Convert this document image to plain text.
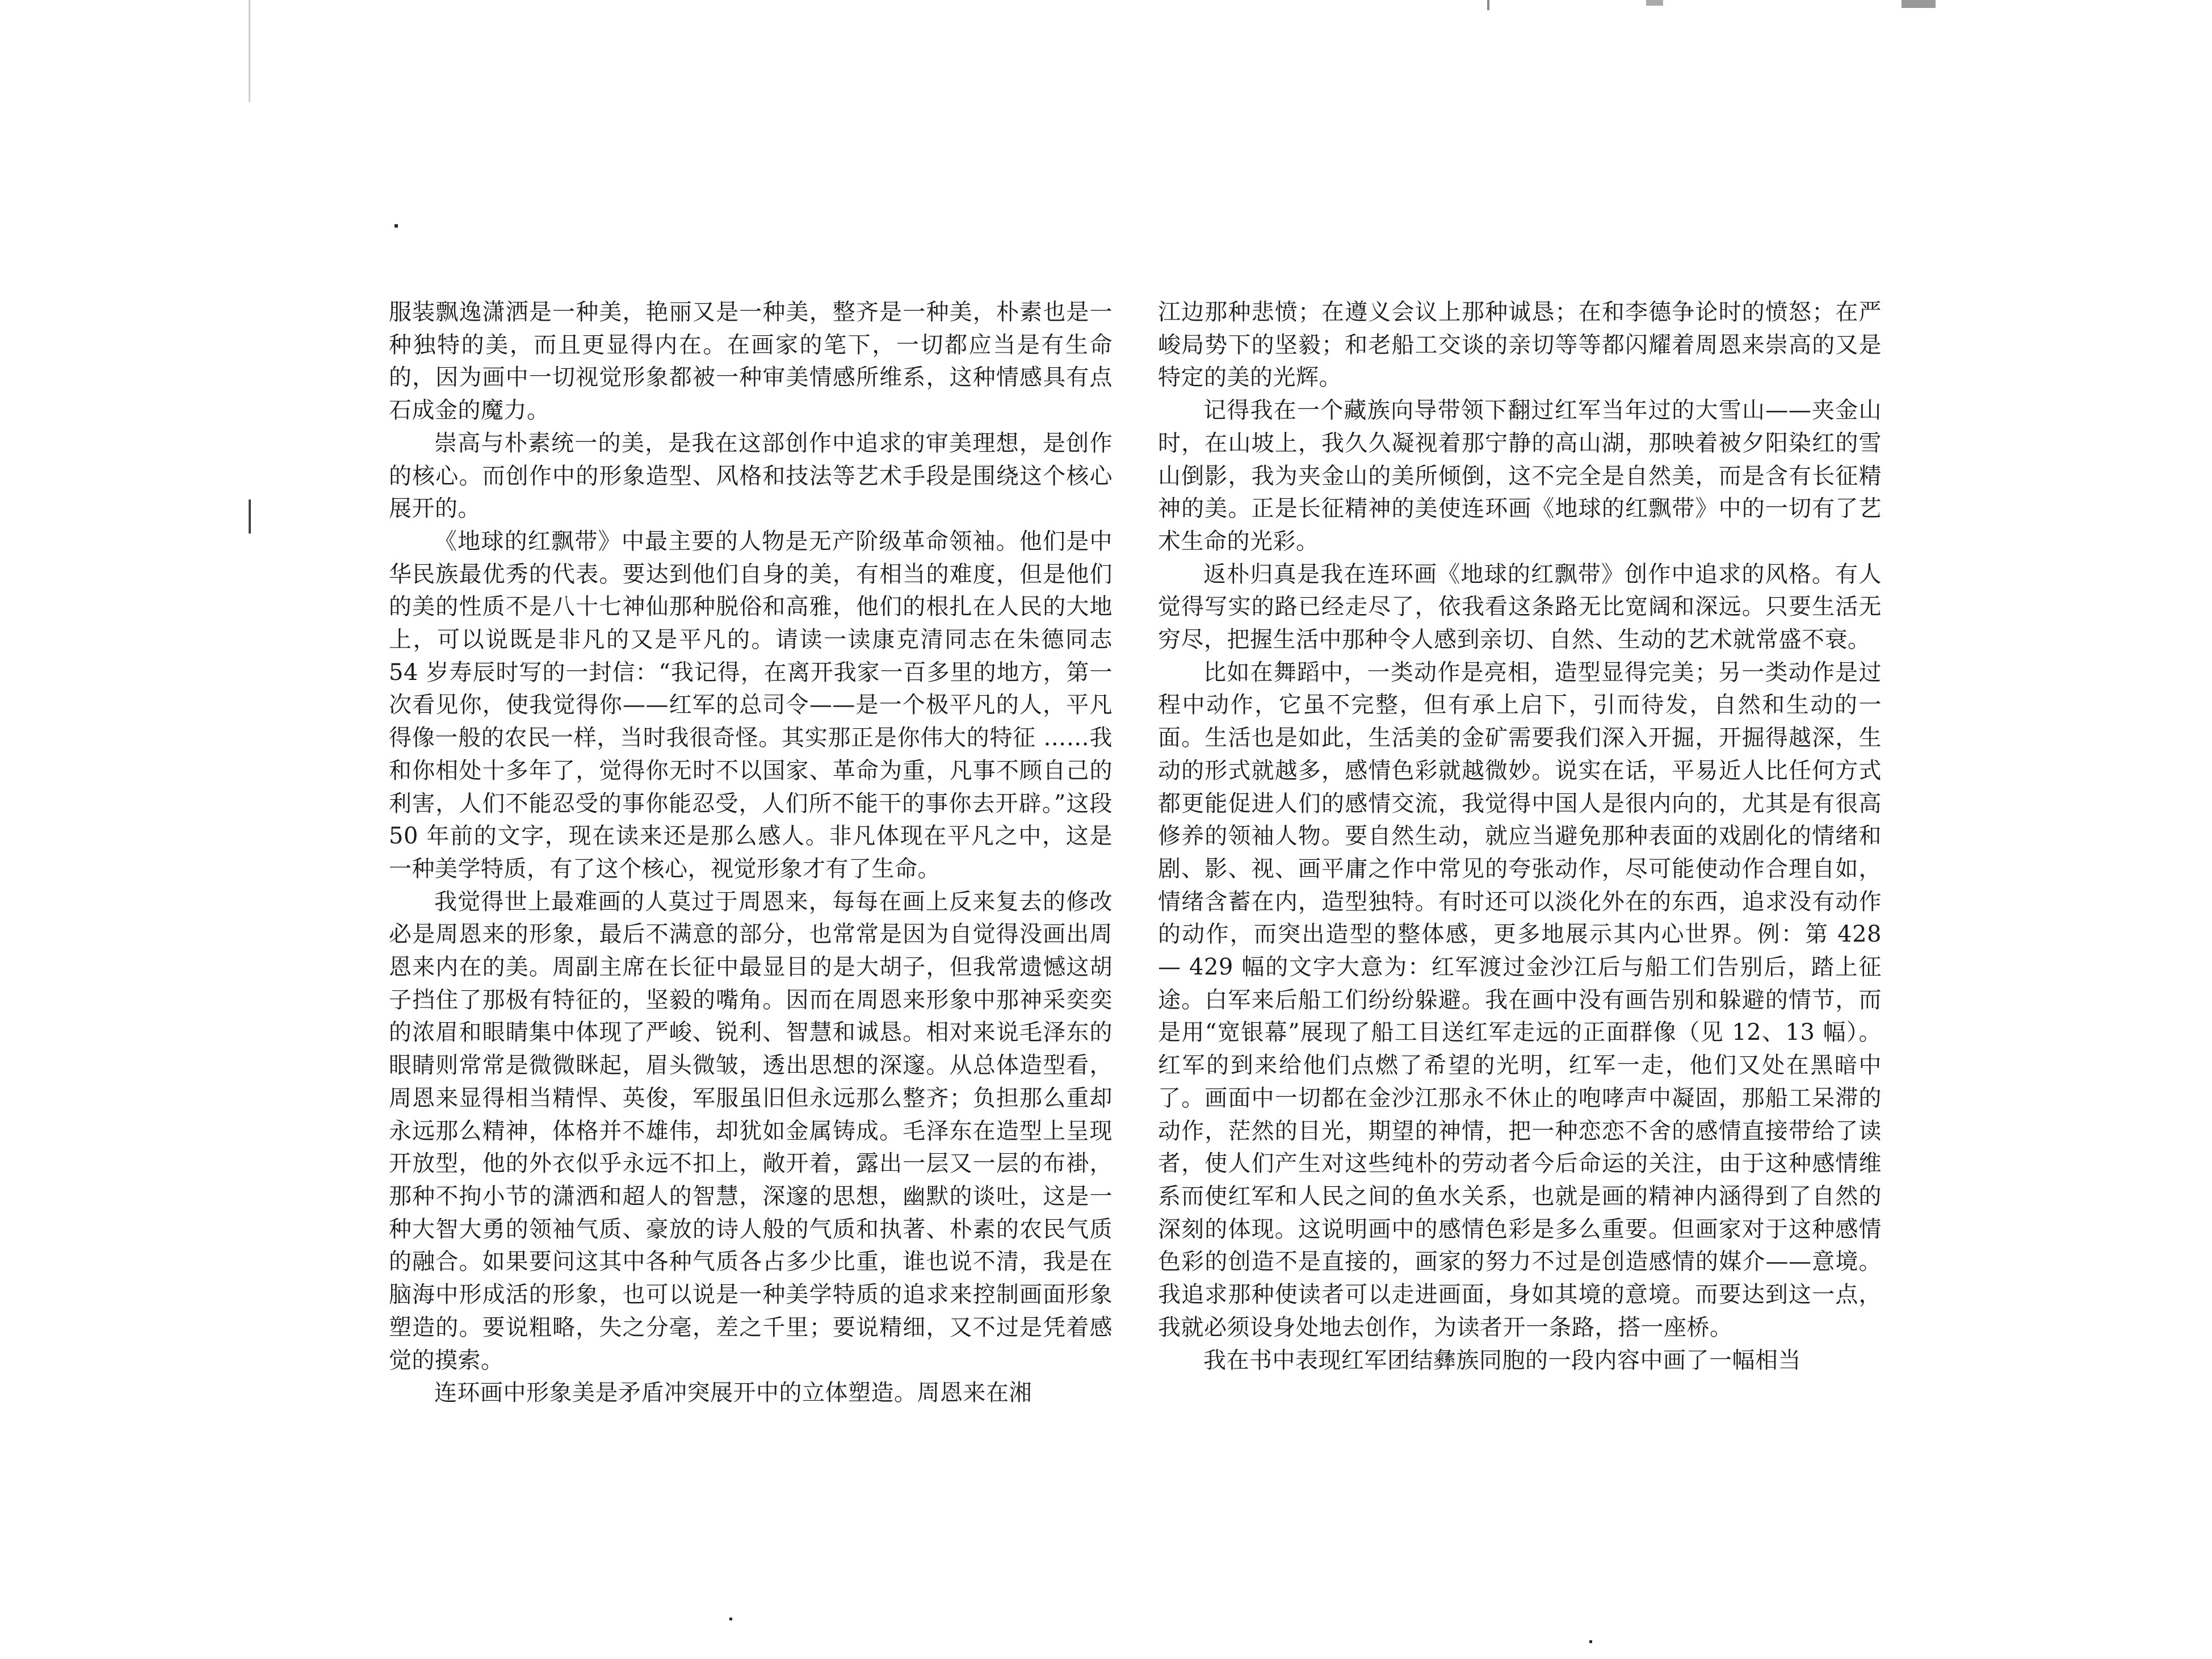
服装飘逸潇洒是一种美，艳丽又是一种美，整齐是一种美，朴素也是一种独特的美，而且更显得内在。在画家的笔下，一切都应当是有生命的，因为画中一切视觉形象都被一种审美情感所维系，这种情感具有点石成金的魔力。

崇高与朴素统一的美，是我在这部创作中追求的审美理想，是创作的核心。而创作中的形象造型、风格和技法等艺术手段是围绕这个核心展开的。

《地球的红飘带》中最主要的人物是无产阶级革命领袖。他们是中华民族最优秀的代表。要达到他们自身的美，有相当的难度，但是他们的美的性质不是八十七神仙那种脱俗和高雅，他们的根扎在人民的大地上，可以说既是非凡的又是平凡的。请读一读康克清同志在朱德同志 54 岁寿辰时写的一封信：“我记得，在离开我家一百多里的地方，第一次看见你，使我觉得你——红军的总司令——是一个极平凡的人，平凡得像一般的农民一样，当时我很奇怪。其实那正是你伟大的特征 ……我和你相处十多年了，觉得你无时不以国家、革命为重，凡事不顾自己的利害，人们不能忍受的事你能忍受，人们所不能干的事你去开辟。”这段 50 年前的文字，现在读来还是那么感人。非凡体现在平凡之中，这是一种美学特质，有了这个核心，视觉形象才有了生命。

我觉得世上最难画的人莫过于周恩来，每每在画上反来复去的修改必是周恩来的形象，最后不满意的部分，也常常是因为自觉得没画出周恩来内在的美。周副主席在长征中最显目的是大胡子，但我常遗憾这胡子挡住了那极有特征的，坚毅的嘴角。因而在周恩来形象中那神采奕奕的浓眉和眼睛集中体现了严峻、锐利、智慧和诚恳。相对来说毛泽东的眼睛则常常是微微眯起，眉头微皱，透出思想的深邃。从总体造型看，周恩来显得相当精悍、英俊，军服虽旧但永远那么整齐；负担那么重却永远那么精神，体格并不雄伟，却犹如金属铸成。毛泽东在造型上呈现开放型，他的外衣似乎永远不扣上，敞开着，露出一层又一层的布褂，那种不拘小节的潇洒和超人的智慧，深邃的思想，幽默的谈吐，这是一种大智大勇的领袖气质、豪放的诗人般的气质和执著、朴素的农民气质的融合。如果要问这其中各种气质各占多少比重，谁也说不清，我是在脑海中形成活的形象，也可以说是一种美学特质的追求来控制画面形象塑造的。要说粗略，失之分毫，差之千里；要说精细，又不过是凭着感觉的摸索。

连环画中形象美是矛盾冲突展开中的立体塑造。周恩来在湘

江边那种悲愤；在遵义会议上那种诚恳；在和李德争论时的愤怒；在严峻局势下的坚毅；和老船工交谈的亲切等等都闪耀着周恩来崇高的又是特定的美的光辉。

记得我在一个藏族向导带领下翻过红军当年过的大雪山——夹金山时，在山坡上，我久久凝视着那宁静的高山湖，那映着被夕阳染红的雪山倒影，我为夹金山的美所倾倒，这不完全是自然美，而是含有长征精神的美。正是长征精神的美使连环画《地球的红飘带》中的一切有了艺术生命的光彩。

返朴归真是我在连环画《地球的红飘带》创作中追求的风格。有人觉得写实的路已经走尽了，依我看这条路无比宽阔和深远。只要生活无穷尽，把握生活中那种令人感到亲切、自然、生动的艺术就常盛不衰。

比如在舞蹈中，一类动作是亮相，造型显得完美；另一类动作是过程中动作，它虽不完整，但有承上启下，引而待发，自然和生动的一面。生活也是如此，生活美的金矿需要我们深入开掘，开掘得越深，生动的形式就越多，感情色彩就越微妙。说实在话，平易近人比任何方式都更能促进人们的感情交流，我觉得中国人是很内向的，尤其是有很高修养的领袖人物。要自然生动，就应当避免那种表面的戏剧化的情绪和剧、影、视、画平庸之作中常见的夸张动作，尽可能使动作合理自如，情绪含蓄在内，造型独特。有时还可以淡化外在的东西，追求没有动作的动作，而突出造型的整体感，更多地展示其内心世界。例：第 428 — 429 幅的文字大意为：红军渡过金沙江后与船工们告别后，踏上征途。白军来后船工们纷纷躲避。我在画中没有画告别和躲避的情节，而是用“宽银幕”展现了船工目送红军走远的正面群像（见 12、13 幅）。红军的到来给他们点燃了希望的光明，红军一走，他们又处在黑暗中了。画面中一切都在金沙江那永不休止的咆哮声中凝固，那船工呆滞的动作，茫然的目光，期望的神情，把一种恋恋不舍的感情直接带给了读者，使人们产生对这些纯朴的劳动者今后命运的关注，由于这种感情维系而使红军和人民之间的鱼水关系，也就是画的精神内涵得到了自然的深刻的体现。这说明画中的感情色彩是多么重要。但画家对于这种感情色彩的创造不是直接的，画家的努力不过是创造感情的媒介——意境。我追求那种使读者可以走进画面，身如其境的意境。而要达到这一点，我就必须设身处地去创作，为读者开一条路，搭一座桥。

我在书中表现红军团结彝族同胞的一段内容中画了一幅相当
